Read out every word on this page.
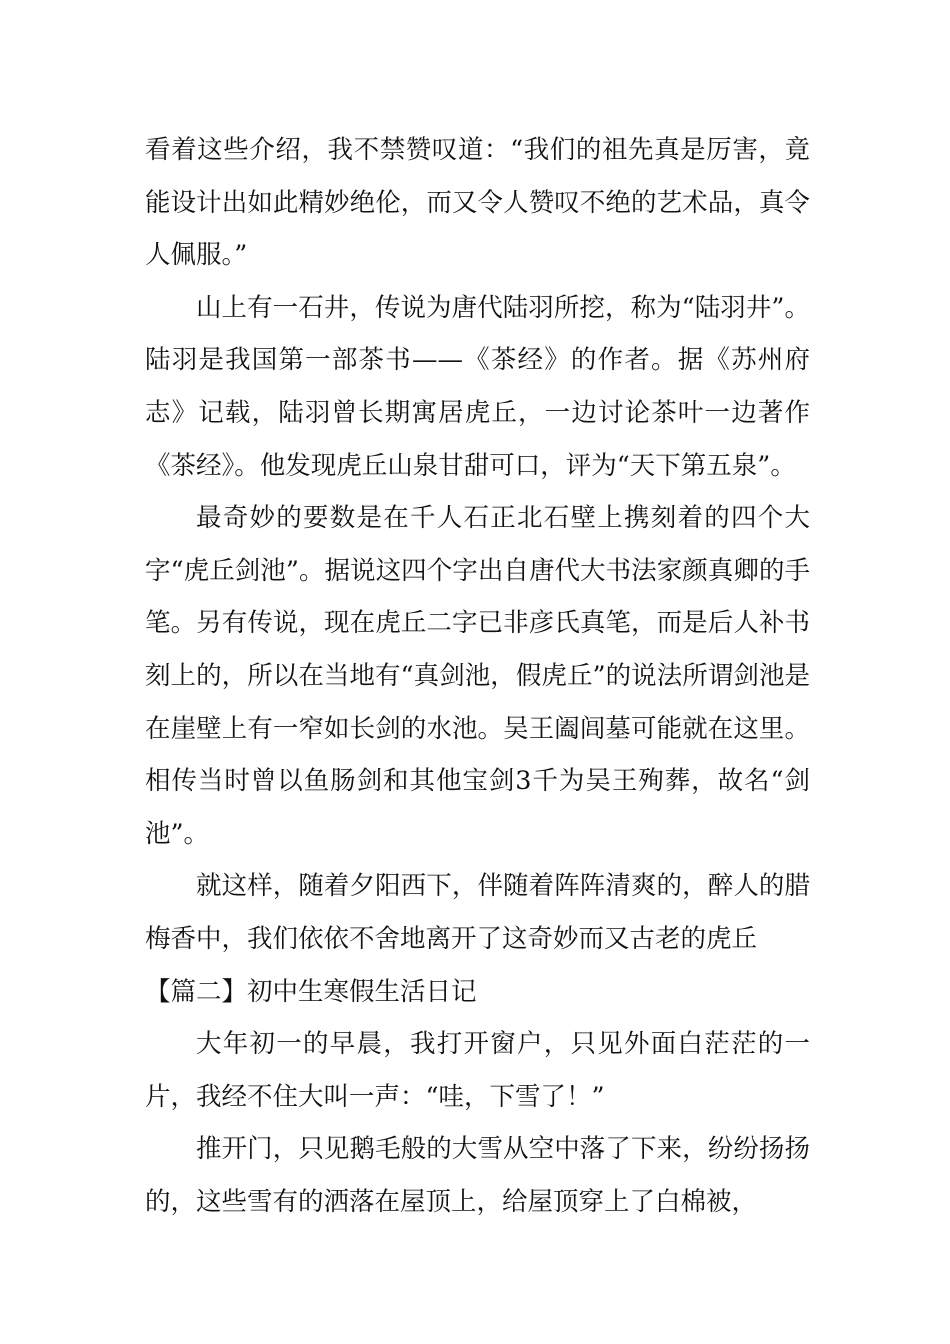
看着这些介绍，我不禁赞叹道：“我们的祖先真是厉害，竟能设计出如此精妙绝伦，而又令人赞叹不绝的艺术品，真令人佩服。”

山上有一石井，传说为唐代陆羽所挖，称为“陆羽井”。陆羽是我国第一部茶书——《茶经》的作者。据《苏州府志》记载，陆羽曾长期寓居虎丘，一边讨论茶叶一边著作《茶经》。他发现虎丘山泉甘甜可口，评为“天下第五泉”。

最奇妙的要数是在千人石正北石壁上携刻着的四个大字“虎丘剑池”。据说这四个字出自唐代大书法家颜真卿的手笔。另有传说，现在虎丘二字已非彦氏真笔，而是后人补书刻上的，所以在当地有“真剑池，假虎丘”的说法所谓剑池是在崖壁上有一窄如长剑的水池。吴王阖闾墓可能就在这里。相传当时曾以鱼肠剑和其他宝剑3千为吴王殉葬，故名“剑池”。

就这样，随着夕阳西下，伴随着阵阵清爽的，醉人的腊梅香中，我们依依不舍地离开了这奇妙而又古老的虎丘

【篇二】初中生寒假生活日记

大年初一的早晨，我打开窗户，只见外面白茫茫的一片，我经不住大叫一声：“哇，下雪了！”

推开门，只见鹅毛般的大雪从空中落了下来，纷纷扬扬的，这些雪有的洒落在屋顶上，给屋顶穿上了白棉被，
